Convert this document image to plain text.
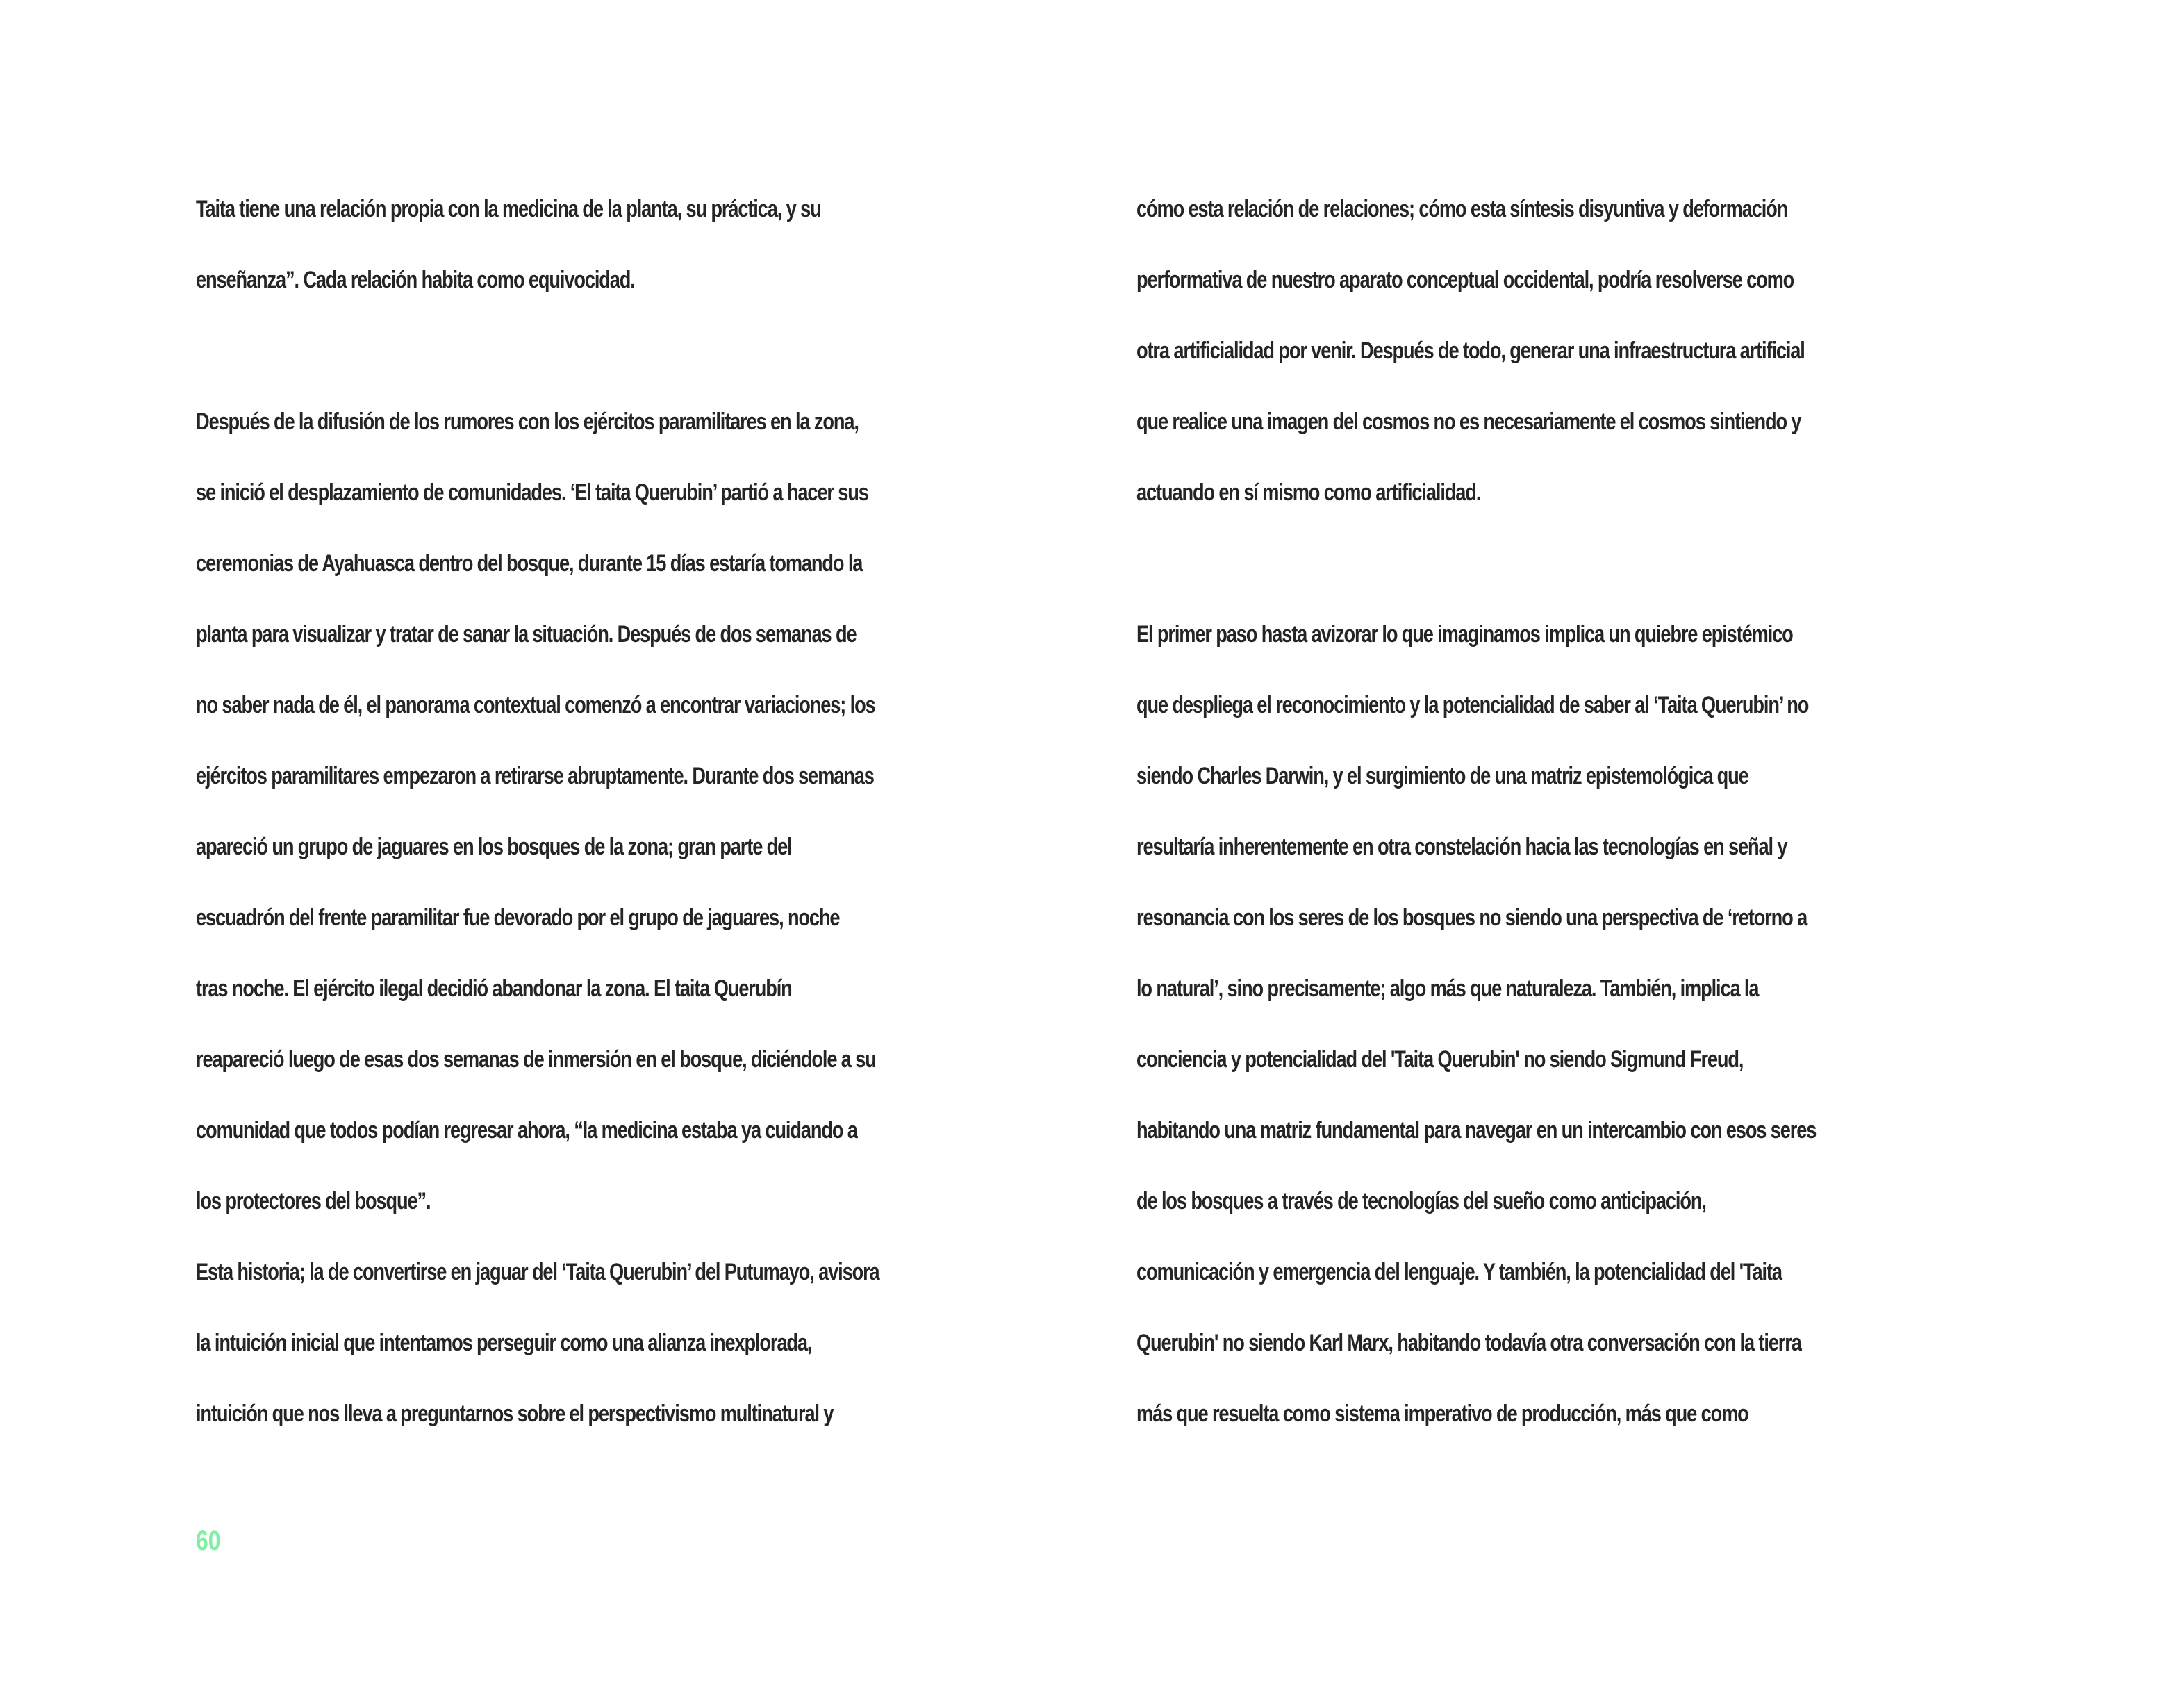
Taita tiene una relación propia con la medicina de la planta, su práctica, y su
enseñanza”. Cada relación habita como equivocidad.
Después de la difusión de los rumores con los ejércitos paramilitares en la zona,
se inició el desplazamiento de comunidades. ‘El taita Querubin’ partió a hacer sus
ceremonias de Ayahuasca dentro del bosque, durante 15 días estaría tomando la
planta para visualizar y tratar de sanar la situación. Después de dos semanas de
no saber nada de él, el panorama contextual comenzó a encontrar variaciones; los
ejércitos paramilitares empezaron a retirarse abruptamente. Durante dos semanas
apareció un grupo de jaguares en los bosques de la zona; gran parte del
escuadrón del frente paramilitar fue devorado por el grupo de jaguares, noche
tras noche. El ejército ilegal decidió abandonar la zona. El taita Querubín
reapareció luego de esas dos semanas de inmersión en el bosque, diciéndole a su
comunidad que todos podían regresar ahora, “la medicina estaba ya cuidando a
los protectores del bosque”.
Esta historia; la de convertirse en jaguar del ‘Taita Querubin’ del Putumayo, avisora
la intuición inicial que intentamos perseguir como una alianza inexplorada,
intuición que nos lleva a preguntarnos sobre el perspectivismo multinatural y
cómo esta relación de relaciones; cómo esta síntesis disyuntiva y deformación
performativa de nuestro aparato conceptual occidental, podría resolverse como
otra artificialidad por venir. Después de todo, generar una infraestructura artificial
que realice una imagen del cosmos no es necesariamente el cosmos sintiendo y
actuando en sí mismo como artificialidad.
El primer paso hasta avizorar lo que imaginamos implica un quiebre epistémico
que despliega el reconocimiento y la potencialidad de saber al ‘Taita Querubin’ no
siendo Charles Darwin, y el surgimiento de una matriz epistemológica que
resultaría inherentemente en otra constelación hacia las tecnologías en señal y
resonancia con los seres de los bosques no siendo una perspectiva de ‘retorno a
lo natural’, sino precisamente; algo más que naturaleza. También, implica la
conciencia y potencialidad del 'Taita Querubin' no siendo Sigmund Freud,
habitando una matriz fundamental para navegar en un intercambio con esos seres
de los bosques a través de tecnologías del sueño como anticipación,
comunicación y emergencia del lenguaje. Y también, la potencialidad del 'Taita
Querubin' no siendo Karl Marx, habitando todavía otra conversación con la tierra
más que resuelta como sistema imperativo de producción, más que como
60
